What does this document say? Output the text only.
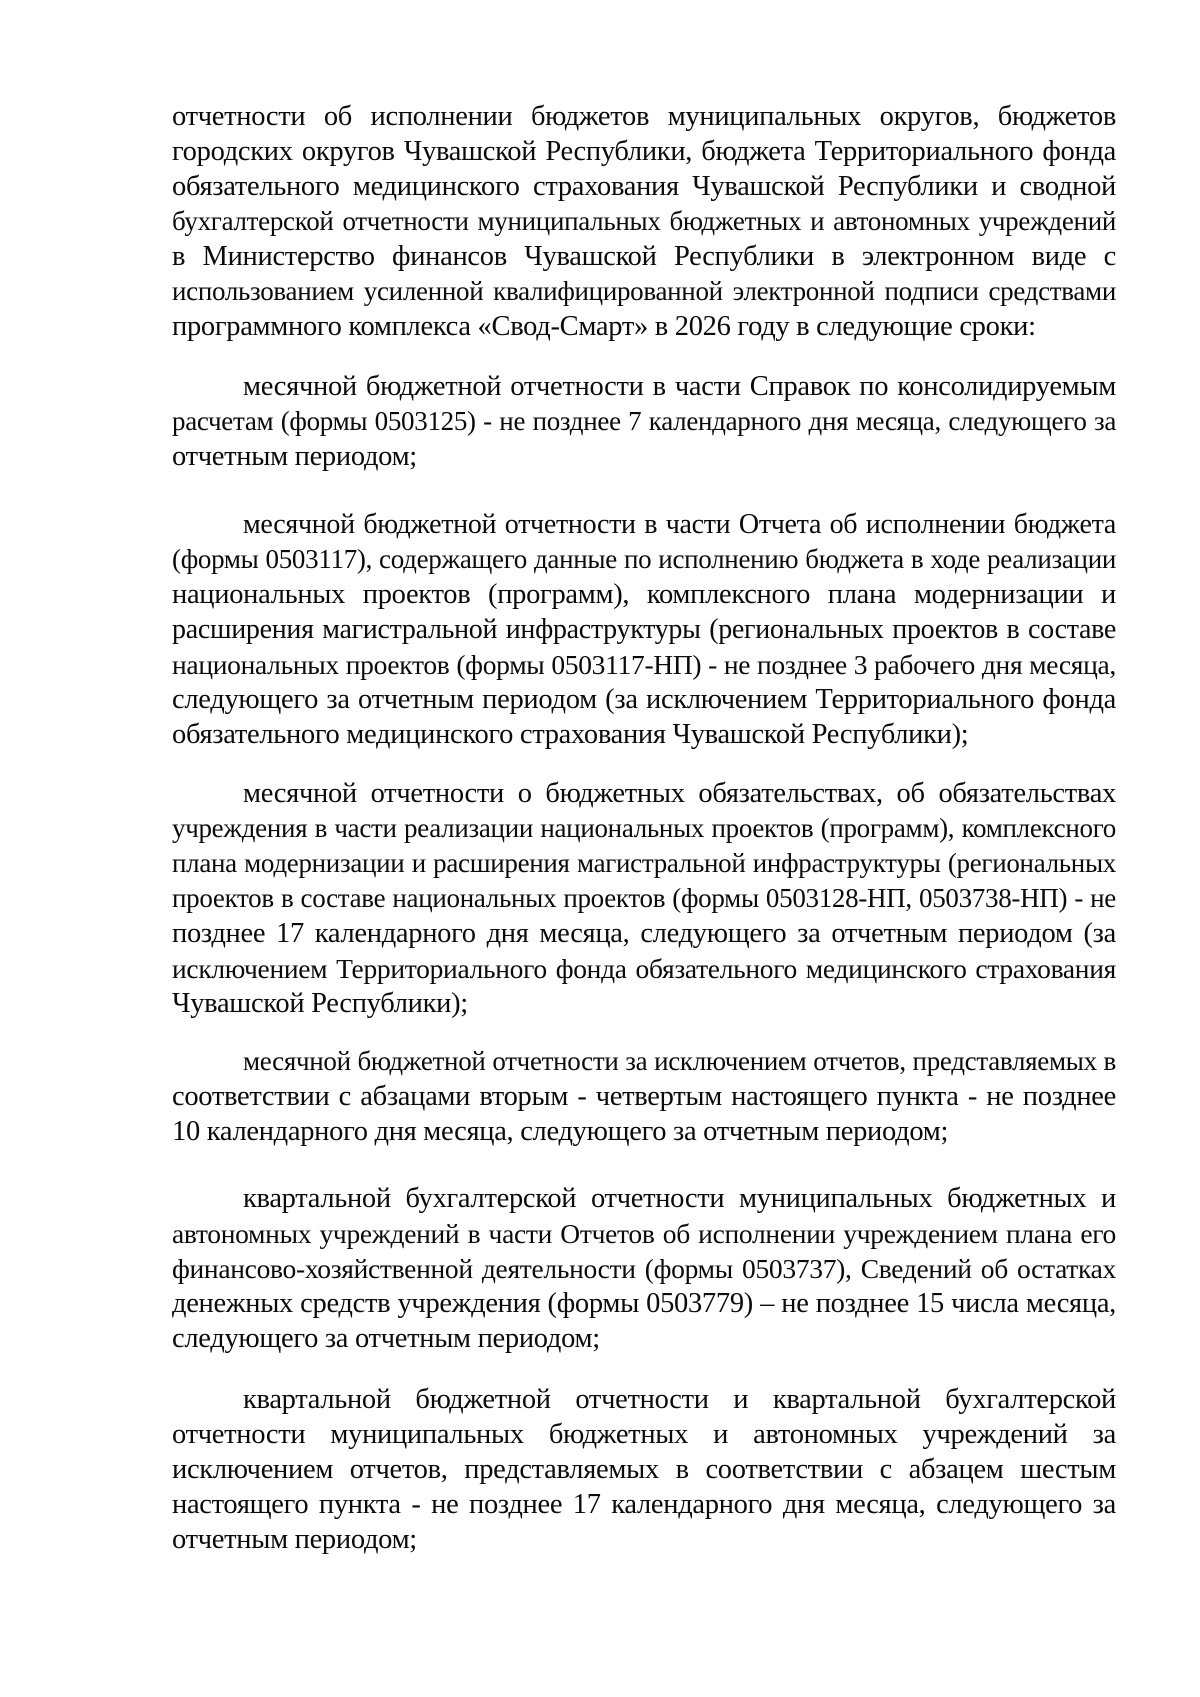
отчетности об исполнении бюджетов муниципальных округов, бюджетов
городских округов Чувашской Республики, бюджета Территориального фонда
обязательного медицинского страхования Чувашской Республики и сводной
бухгалтерской отчетности муниципальных бюджетных и автономных учреждений
в Министерство финансов Чувашской Республики в электронном виде с
использованием усиленной квалифицированной электронной подписи средствами
программного комплекса «Свод-Смарт» в 2026 году в следующие сроки:
месячной бюджетной отчетности в части Справок по консолидируемым
расчетам (формы 0503125) - не позднее 7 календарного дня месяца, следующего за
отчетным периодом;
месячной бюджетной отчетности в части Отчета об исполнении бюджета
(формы 0503117), содержащего данные по исполнению бюджета в ходе реализации
национальных проектов (программ), комплексного плана модернизации и
расширения магистральной инфраструктуры (региональных проектов в составе
национальных проектов (формы 0503117-НП) - не позднее 3 рабочего дня месяца,
следующего за отчетным периодом (за исключением Территориального фонда
обязательного медицинского страхования Чувашской Республики);
месячной отчетности о бюджетных обязательствах, об обязательствах
учреждения в части реализации национальных проектов (программ), комплексного
плана модернизации и расширения магистральной инфраструктуры (региональных
проектов в составе национальных проектов (формы 0503128-НП, 0503738-НП) - не
позднее 17 календарного дня месяца, следующего за отчетным периодом (за
исключением Территориального фонда обязательного медицинского страхования
Чувашской Республики);
месячной бюджетной отчетности за исключением отчетов, представляемых в
соответствии с абзацами вторым - четвертым настоящего пункта - не позднее
10 календарного дня месяца, следующего за отчетным периодом;
квартальной бухгалтерской отчетности муниципальных бюджетных и
автономных учреждений в части Отчетов об исполнении учреждением плана его
финансово-хозяйственной деятельности (формы 0503737), Сведений об остатках
денежных средств учреждения (формы 0503779) – не позднее 15 числа месяца,
следующего за отчетным периодом;
квартальной бюджетной отчетности и квартальной бухгалтерской
отчетности муниципальных бюджетных и автономных учреждений за
исключением отчетов, представляемых в соответствии с абзацем шестым
настоящего пункта - не позднее 17 календарного дня месяца, следующего за
отчетным периодом;
